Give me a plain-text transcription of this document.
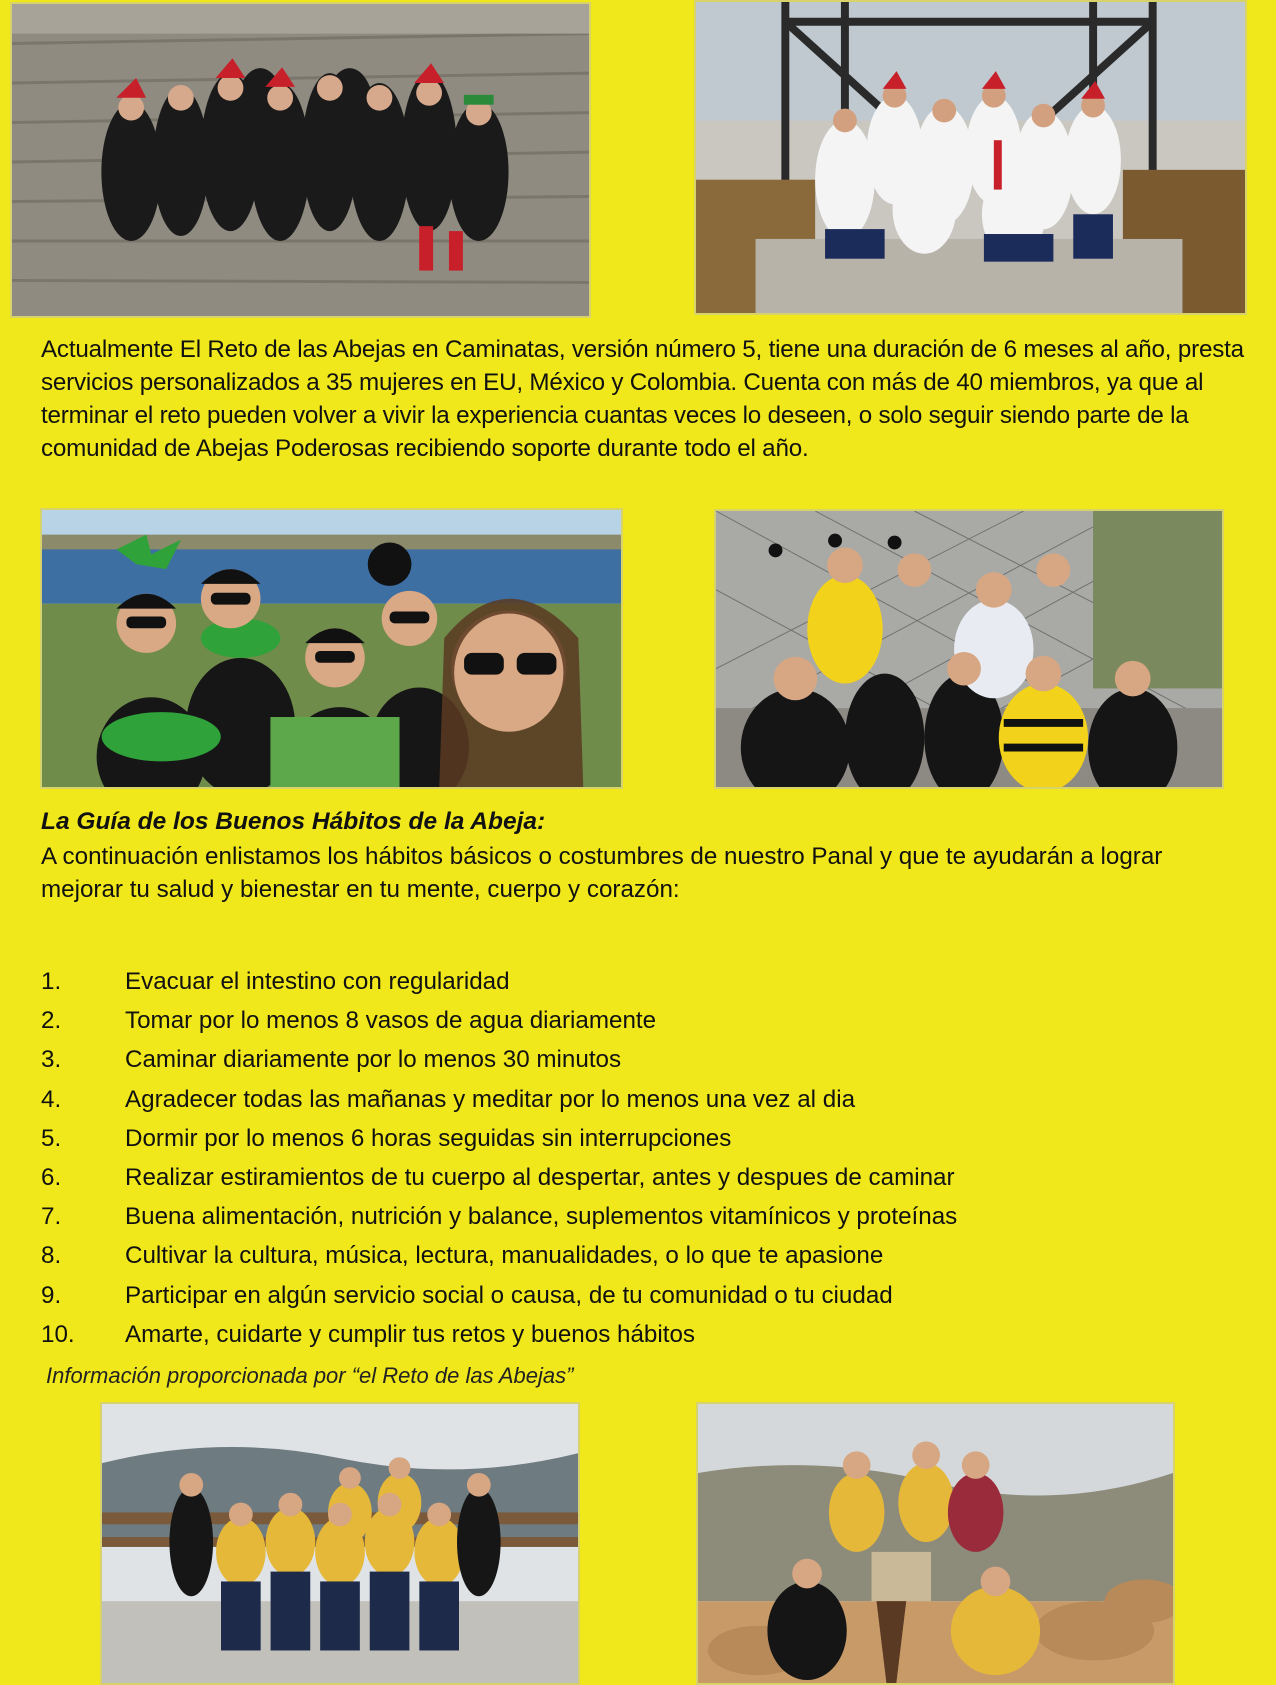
Actualmente El Reto de las Abejas en Caminatas, versión número 5, tiene una duración de 6 meses al año, presta servicios personalizados a 35 mujeres en EU, México y Colombia. Cuenta con más de 40 miembros, ya que al terminar el reto pueden volver a vivir la experiencia cuantas veces lo deseen, o solo seguir siendo parte de la comunidad de Abejas Poderosas recibiendo soporte durante todo el año.

La Guía de los Buenos Hábitos de la Abeja:

A continuación enlistamos los hábitos básicos o costumbres de nuestro Panal y que te ayudarán a lograr mejorar tu salud y bienestar en tu mente, cuerpo y corazón:

1.	Evacuar el intestino con regularidad
2.	Tomar por lo menos 8 vasos de agua diariamente
3.	Caminar diariamente por lo menos 30 minutos
4.	Agradecer todas las mañanas y meditar por lo menos una vez al dia
5.	Dormir por lo menos 6 horas seguidas sin interrupciones
6.	Realizar estiramientos de tu cuerpo al despertar, antes y despues de caminar
7.	Buena alimentación, nutrición y balance, suplementos vitamínicos y proteínas
8.	Cultivar la cultura, música, lectura, manualidades, o lo que te apasione
9.	Participar en algún servicio social o causa, de tu comunidad o tu ciudad
10.	Amarte, cuidarte y cumplir tus retos y buenos hábitos

Información proporcionada por “el Reto de las Abejas”
